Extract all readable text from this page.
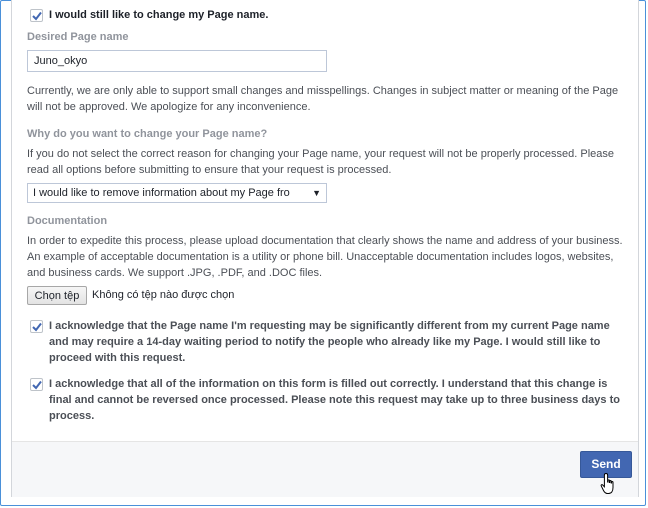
I would still like to change my Page name.
Desired Page name
Juno_okyo
Currently, we are only able to support small changes and misspellings. Changes in subject matter or meaning of the Page will not be approved. We apologize for any inconvenience.
Why do you want to change your Page name?
If you do not select the correct reason for changing your Page name, your request will not be properly processed. Please read all options before submitting to ensure that your request is processed.
I would like to remove information about my Page fro ▼
Documentation
In order to expedite this process, please upload documentation that clearly shows the name and address of your business. An example of acceptable documentation is a utility or phone bill. Unacceptable documentation includes logos, websites, and business cards. We support .JPG, .PDF, and .DOC files.
Chọn tệp	Không có tệp nào được chọn
I acknowledge that the Page name I'm requesting may be significantly different from my current Page name and may require a 14-day waiting period to notify the people who already like my Page. I would still like to proceed with this request.
I acknowledge that all of the information on this form is filled out correctly. I understand that this change is final and cannot be reversed once processed. Please note this request may take up to three business days to process.
Send
